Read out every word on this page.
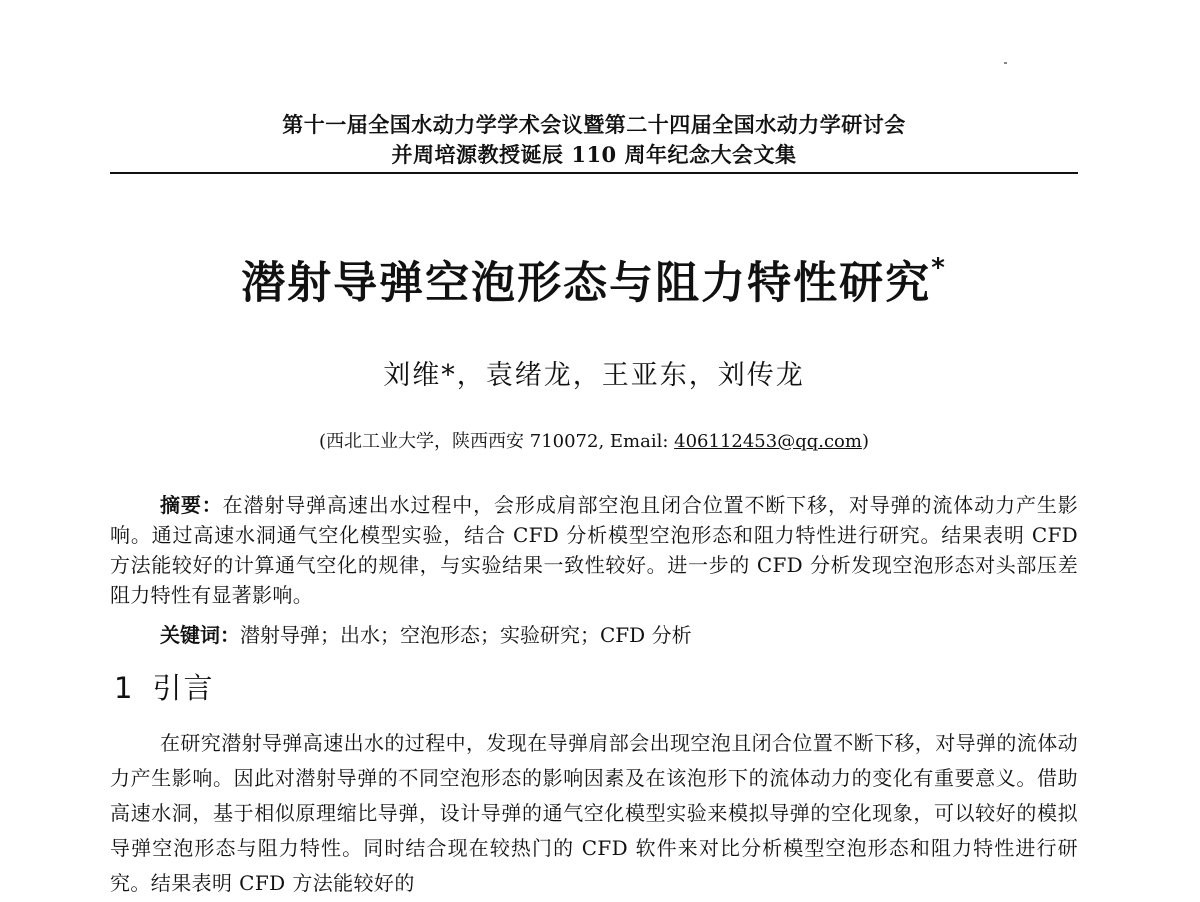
第十一届全国水动力学学术会议暨第二十四届全国水动力学研讨会
并周培源教授诞辰 110 周年纪念大会文集
潜射导弹空泡形态与阻力特性研究*
刘维*，袁绪龙，王亚东，刘传龙
(西北工业大学，陕西西安 710072, Email: 406112453@qq.com)
摘要：在潜射导弹高速出水过程中，会形成肩部空泡且闭合位置不断下移，对导弹的流体动力产生影响。通过高速水洞通气空化模型实验，结合 CFD 分析模型空泡形态和阻力特性进行研究。结果表明 CFD 方法能较好的计算通气空化的规律，与实验结果一致性较好。进一步的 CFD 分析发现空泡形态对头部压差阻力特性有显著影响。
关键词：潜射导弹；出水；空泡形态；实验研究；CFD 分析
1 引言
在研究潜射导弹高速出水的过程中，发现在导弹肩部会出现空泡且闭合位置不断下移，对导弹的流体动力产生影响。因此对潜射导弹的不同空泡形态的影响因素及在该泡形下的流体动力的变化有重要意义。借助高速水洞，基于相似原理缩比导弹，设计导弹的通气空化模型实验来模拟导弹的空化现象，可以较好的模拟导弹空泡形态与阻力特性。同时结合现在较热门的 CFD 软件来对比分析模型空泡形态和阻力特性进行研究。结果表明 CFD 方法能较好的
